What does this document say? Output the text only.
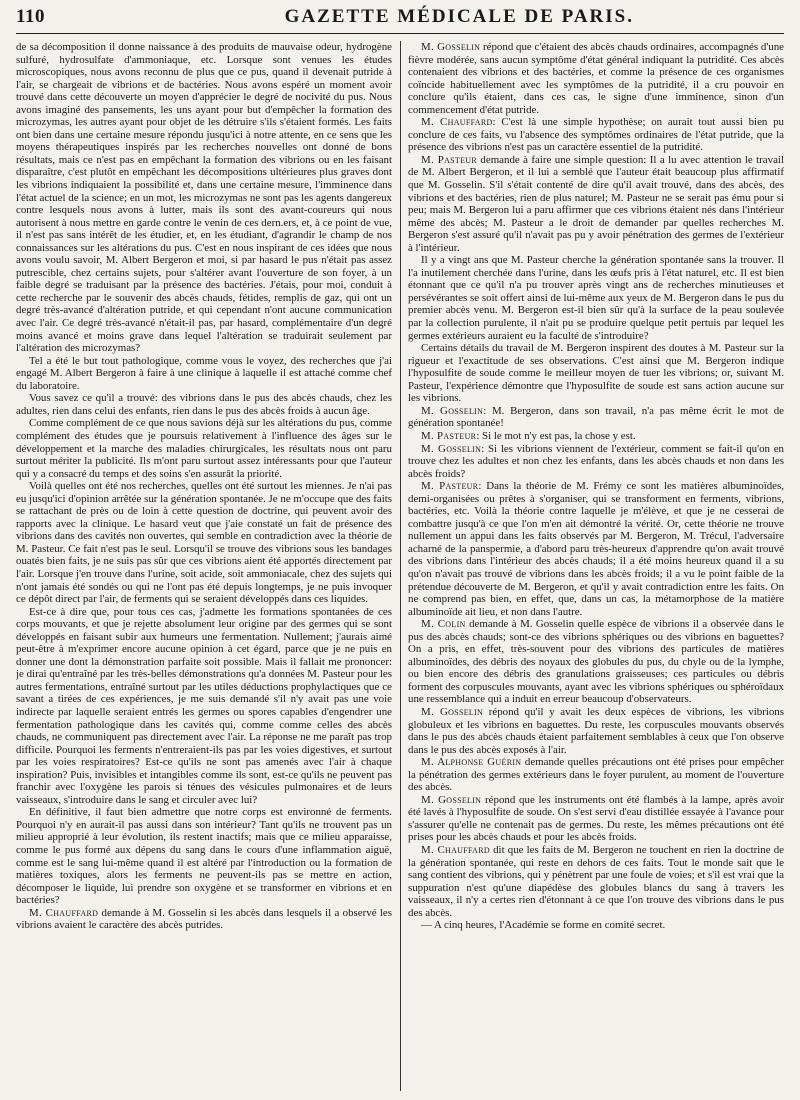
110	GAZETTE MÉDICALE DE PARIS.

de sa décomposition il donne naissance à des produits de mauvaise odeur, hydrogène sulfuré, hydrosulfate d'ammoniaque, etc. Lorsque sont venues les études microscopiques, nous avons reconnu de plus que ce pus, quand il devenait putride à l'air, se chargeait de vibrions et de bactéries. Nous avons espéré un moment avoir trouvé dans cette découverte un moyen d'apprécier le degré de nocivité du pus. Nous avons imaginé des pansements, les uns ayant pour but d'empêcher la formation des microzymas, les autres ayant pour objet de les détruire s'ils s'étaient formés. Les faits ont bien dans une certaine mesure répondu jusqu'ici à notre attente, en ce sens que les moyens thérapeutiques inspirés par les recherches nouvelles ont donné de bons résultats, mais ce n'est pas en empêchant la formation des vibrions ou en les faisant disparaître, c'est plutôt en empêchant les décompositions ultérieures plus graves dont les vibrions indiquaient la possibilité et, dans une certaine mesure, l'imminence dans l'état actuel de la science; en un mot, les microzymas ne sont pas les agents dangereux contre lesquels nous avons à lutter, mais ils sont des avant-coureurs qui nous autorisent à nous mettre en garde contre le venin de ces dern.ers, et, à ce point de vue, il n'est pas sans intérêt de les étudier, et, en les étudiant, d'agrandir le champ de nos connaissances sur les altérations du pus. C'est en nous inspirant de ces idées que nous avons voulu savoir, M. Albert Bergeron et moi, si par hasard le pus n'était pas assez putrescible, chez certains sujets, pour s'altérer avant l'ouverture de son foyer, à un faible degré se traduisant par la présence des bactéries. J'étais, pour moi, conduit à cette recherche par le souvenir des abcès chauds, fétides, remplis de gaz, qui ont un degré très-avancé d'altération putride, et qui cependant n'ont aucune communication avec l'air. Ce degré très-avancé n'était-il pas, par hasard, complémentaire d'un degré moins avancé et moins grave dans lequel l'altération se traduirait seulement par l'altération des microzymas?

Tel a été le but tout pathologique, comme vous le voyez, des recherches que j'ai engagé M. Albert Bergeron à faire à une clinique à laquelle il est attaché comme chef du laboratoire.

Vous savez ce qu'il a trouvé: des vibrions dans le pus des abcès chauds, chez les adultes, rien dans celui des enfants, rien dans le pus des abcès froids à aucun âge.

Comme complément de ce que nous savions déjà sur les altérations du pus, comme complément des études que je poursuis relativement à l'influence des âges sur le développement et la marche des maladies chirurgicales, les résultats nous ont paru surtout mériter la publicité. Ils m'ont paru surtout assez intéressants pour que l'auteur qui y a consacré du temps et des soins s'en assurât la priorité.

Voilà quelles ont été nos recherches, quelles ont été surtout les miennes. Je n'ai pas eu jusqu'ici d'opinion arrêtée sur la génération spontanée. Je ne m'occupe que des faits se rattachant de près ou de loin à cette question de doctrine, qui peuvent avoir des rapports avec la clinique. Le hasard veut que j'aie constaté un fait de présence des vibrions dans des cavités non ouvertes, qui semble en contradiction avec la théorie de M. Pasteur. Ce fait n'est pas le seul. Lorsqu'il se trouve des vibrions sous les bandages ouatés bien faits, je ne suis pas sûr que ces vibrions aient été apportés directement par l'air. Lorsque j'en trouve dans l'urine, soit acide, soit ammoniacale, chez des sujets qui n'ont jamais été sondés ou qui ne l'ont pas été depuis longtemps, je ne puis invoquer ce dépôt direct par l'air, de ferments qui se seraient développés dans ces liquides.

Est-ce à dire que, pour tous ces cas, j'admette les formations spontanées de ces corps mouvants, et que je rejette absolument leur origine par des germes qui se sont développés en faisant subir aux humeurs une fermentation. Nullement; j'aurais aimé peut-être à m'exprimer encore aucune opinion à cet égard, parce que je ne puis en donner une dont la démonstration parfaite soit possible. Mais il fallait me prononcer: je dirai qu'entraîné par les très-belles démonstrations qu'a données M. Pasteur pour les autres fermentations, entraîné surtout par les utiles déductions prophylactiques que ce savant a tirées de ces expériences, je me suis demandé s'il n'y avait pas une voie indirecte par laquelle seraient entrés les germes ou spores capables d'engendrer une fermentation pathologique dans les cavités qui, comme comme celles des abcès chauds, ne communiquent pas directement avec l'air. La réponse ne me paraît pas trop difficile. Pourquoi les ferments n'entreraient-ils pas par les voies digestives, et surtout par les voies respiratoires? Est-ce qu'ils ne sont pas amenés avec l'air à chaque inspiration? Puis, invisibles et intangibles comme ils sont, est-ce qu'ils ne peuvent pas franchir avec l'oxygène les parois si ténues des vésicules pulmonaires et de leurs vaisseaux, s'introduire dans le sang et circuler avec lui?

En définitive, il faut bien admettre que notre corps est environné de ferments. Pourquoi n'y en aurait-il pas aussi dans son intérieur? Tant qu'ils ne trouvent pas un milieu approprié à leur évolution, ils restent inactifs; mais que ce milieu apparaisse, comme le pus formé aux dépens du sang dans le cours d'une inflammation aiguë, comme est le sang lui-même quand il est altéré par l'introduction ou la formation de matières toxiques, alors les ferments ne peuvent-ils pas se mettre en action, décomposer le liquide, lui prendre son oxygène et se transformer en vibrions et en bactéries?

M. Chauffard demande à M. Gosselin si les abcès dans lesquels il a observé les vibrions avaient le caractère des abcès putrides.

M. Gosselin répond que c'étaient des abcès chauds ordinaires, accompagnés d'une fièvre modérée, sans aucun symptôme d'état général indiquant la putridité. Ces abcès contenaient des vibrions et des bactéries, et comme la présence de ces organismes coïncide habituellement avec les symptômes de la putridité, il a cru pouvoir en conclure qu'ils étaient, dans ces cas, le signe d'une imminence, sinon d'un commencement d'état putride.

M. Chauffard: C'est là une simple hypothèse; on aurait tout aussi bien pu conclure de ces faits, vu l'absence des symptômes ordinaires de l'état putride, que la présence des vibrions n'est pas un caractère essentiel de la putridité.

M. Pasteur demande à faire une simple question: Il a lu avec attention le travail de M. Albert Bergeron, et il lui a semblé que l'auteur était beaucoup plus affirmatif que M. Gosselin. S'il s'était contenté de dire qu'il avait trouvé, dans des abcès, des vibrions et des bactéries, rien de plus naturel; M. Pasteur ne se serait pas ému pour si peu; mais M. Bergeron lui a paru affirmer que ces vibrions étaient nés dans l'intérieur même des abcès; M. Pasteur a le droit de demander par quelles recherches M. Bergeron s'est assuré qu'il n'avait pas pu y avoir pénétration des germes de l'extérieur à l'intérieur.

Il y a vingt ans que M. Pasteur cherche la génération spontanée sans la trouver. Il l'a inutilement cherchée dans l'urine, dans les œufs pris à l'état naturel, etc. Il est bien étonnant que ce qu'il n'a pu trouver après vingt ans de recherches minutieuses et persévérantes se soit offert ainsi de lui-même aux yeux de M. Bergeron dans le pus du premier abcès venu. M. Bergeron est-il bien sûr qu'à la surface de la peau soulevée par la collection purulente, il n'ait pu se produire quelque petit pertuis par lequel les germes extérieurs auraient eu la faculté de s'introduire?

Certains détails du travail de M. Bergeron inspirent des doutes à M. Pasteur sur la rigueur et l'exactitude de ses observations. C'est ainsi que M. Bergeron indique l'hyposulfite de soude comme le meilleur moyen de tuer les vibrions; or, suivant M. Pasteur, l'expérience démontre que l'hyposulfite de soude est sans action aucune sur les vibrions.

M. Gosselin: M. Bergeron, dans son travail, n'a pas même écrit le mot de génération spontanée!

M. Pasteur: Si le mot n'y est pas, la chose y est.

M. Gosselin: Si les vibrions viennent de l'extérieur, comment se fait-il qu'on en trouve chez les adultes et non chez les enfants, dans les abcès chauds et non dans les abcès froids?

M. Pasteur: Dans la théorie de M. Frémy ce sont les matières albuminoïdes, demi-organisées ou prêtes à s'organiser, qui se transforment en ferments, vibrions, bactéries, etc. Voilà la théorie contre laquelle je m'élève, et que je ne cesserai de combattre jusqu'à ce que l'on m'en ait démontré la vérité. Or, cette théorie ne trouve nullement un appui dans les faits observés par M. Bergeron, M. Trécul, l'adversaire acharné de la panspermie, a d'abord paru très-heureux d'apprendre qu'on avait trouvé des vibrions dans l'intérieur des abcès chauds; il a été moins heureux quand il a su qu'on n'avait pas trouvé de vibrions dans les abcès froids; il a vu le point faible de la prétendue découverte de M. Bergeron, et qu'il y avait contradiction entre les faits. On ne comprend pas bien, en effet, que, dans un cas, la métamorphose de la matière albuminoïde ait lieu, et non dans l'autre.

M. Colin demande à M. Gosselin quelle espèce de vibrions il a observée dans le pus des abcès chauds; sont-ce des vibrions sphériques ou des vibrions en baguettes? On a pris, en effet, très-souvent pour des vibrions des particules de matières albuminoïdes, des débris des noyaux des globules du pus, du chyle ou de la lymphe, ou bien encore des débris des granulations graisseuses; ces particules ou débris forment des corpuscules mouvants, ayant avec les vibrions sphériques ou sphéroïdaux une ressemblance qui a induit en erreur beaucoup d'observateurs.

M. Gosselin répond qu'il y avait les deux espèces de vibrions, les vibrions globuleux et les vibrions en baguettes. Du reste, les corpuscules mouvants observés dans le pus des abcès chauds étaient parfaitement semblables à ceux que l'on observe dans le pus des abcès exposés à l'air.

M. Alphonse Guérin demande quelles précautions ont été prises pour empêcher la pénétration des germes extérieurs dans le foyer purulent, au moment de l'ouverture des abcès.

M. Gosselin répond que les instruments ont été flambés à la lampe, après avoir été lavés à l'hyposulfite de soude. On s'est servi d'eau distillée essayée à l'avance pour s'assurer qu'elle ne contenait pas de germes. Du reste, les mêmes précautions ont été prises pour les abcès chauds et pour les abcès froids.

M. Chauffard dit que les faits de M. Bergeron ne touchent en rien la doctrine de la génération spontanée, qui reste en dehors de ces faits. Tout le monde sait que le sang contient des vibrions, qui y pénètrent par une foule de voies; et s'il est vrai que la suppuration n'est qu'une diapédèse des globules blancs du sang à travers les vaisseaux, il n'y a certes rien d'étonnant à ce que l'on trouve des vibrions dans le pus des abcès.

— A cinq heures, l'Académie se forme en comité secret.
